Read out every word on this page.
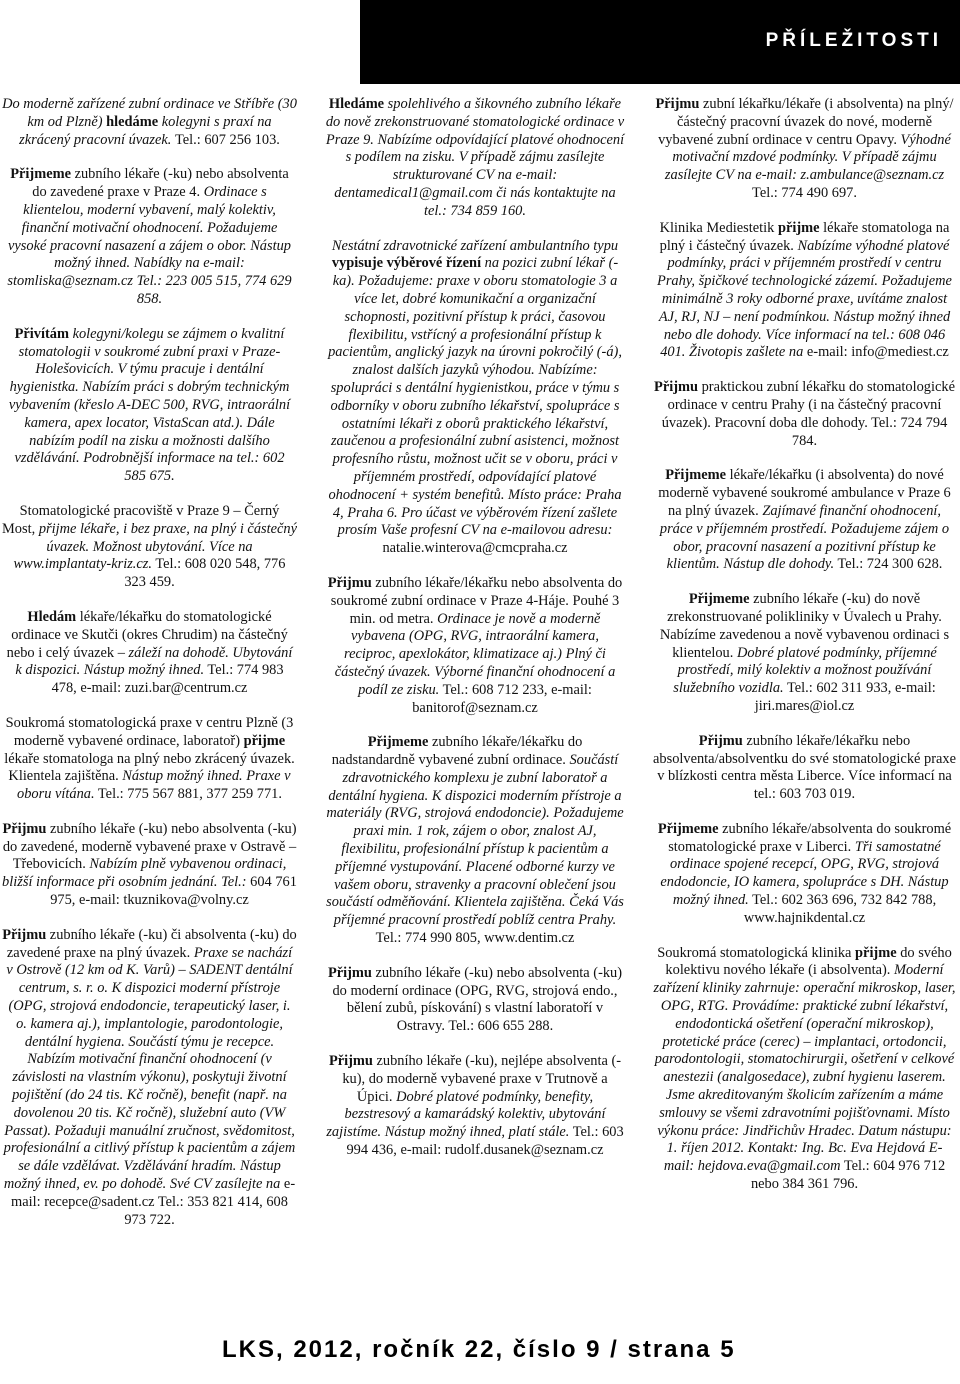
PŘÍLEŽITOSTI

Do moderně zařízené zubní ordinace ve Stříbře (30 km od Plzně) hledáme kolegyni s praxí na zkrácený pracovní úvazek. Tel.: 607 256 103.

Přijmeme zubního lékaře (-ku) nebo absolventa do zavedené praxe v Praze 4. Ordinace s klientelou, moderní vybavení, malý kolektiv, finanční motivační ohodnocení. Požadujeme vysoké pracovní nasazení a zájem o obor. Nástup možný ihned. Nabídky na e-mail: stomliska@seznam.cz Tel.: 223 005 515, 774 629 858.

Přivítám kolegyni/kolegu se zájmem o kvalitní stomatologii v soukromé zubní praxi v Praze-Holešovicích. V týmu pracuje i dentální hygienistka. Nabízím práci s dobrým technickým vybavením (křeslo A-DEC 500, RVG, intraorální kamera, apex locator, VistaScan atd.). Dále nabízím podíl na zisku a možnosti dalšího vzdělávání. Podrobnější informace na tel.: 602 585 675.

Stomatologické pracoviště v Praze 9 – Černý Most, přijme lékaře, i bez praxe, na plný i částečný úvazek. Možnost ubytování. Více na www.implantaty-kriz.cz. Tel.: 608 020 548, 776 323 459.

Hledám lékaře/lékařku do stomatologické ordinace ve Skutči (okres Chrudim) na částečný nebo i celý úvazek – záleží na dohodě. Ubytování k dispozici. Nástup možný ihned. Tel.: 774 983 478, e-mail: zuzi.bar@centrum.cz

Soukromá stomatologická praxe v centru Plzně (3 moderně vybavené ordinace, laboratoř) přijme lékaře stomatologa na plný nebo zkrácený úvazek. Klientela zajištěna. Nástup možný ihned. Praxe v oboru vítána. Tel.: 775 567 881, 377 259 771.

Přijmu zubního lékaře (-ku) nebo absolventa (-ku) do zavedené, moderně vybavené praxe v Ostravě – Třebovicích. Nabízím plně vybavenou ordinaci, bližší informace při osobním jednání. Tel.: 604 761 975, e-mail: tkuznikova@volny.cz

Přijmu zubního lékaře (-ku) či absolventa (-ku) do zavedené praxe na plný úvazek. Praxe se nachází v Ostrově (12 km od K. Varů) – SADENT dentální centrum, s. r. o. K dispozici moderní přístroje (OPG, strojová endodoncie, terapeutický laser, i. o. kamera aj.), implantologie, parodontologie, dentální hygiena. Součástí týmu je recepce. Nabízím motivační finanční ohodnocení (v závislosti na vlastním výkonu), poskytuji životní pojištění (do 24 tis. Kč ročně), benefit (např. na dovolenou 20 tis. Kč ročně), služební auto (VW Passat). Požaduji manuální zručnost, svědomitost, profesionální a citlivý přístup k pacientům a zájem se dále vzdělávat. Vzdělávání hradím. Nástup možný ihned, ev. po dohodě. Své CV zasílejte na e-mail: recepce@sadent.cz Tel.: 353 821 414, 608 973 722.

Hledáme spolehlivého a šikovného zubního lékaře do nově zrekonstruované stomatologické ordinace v Praze 9. Nabízíme odpovídající platové ohodnocení s podílem na zisku. V případě zájmu zasílejte strukturované CV na e-mail: dentamedical1@gmail.com či nás kontaktujte na tel.: 734 859 160.

Nestátní zdravotnické zařízení ambulantního typu vypisuje výběrové řízení na pozici zubní lékař (-ka). Požadujeme: praxe v oboru stomatologie 3 a více let, dobré komunikační a organizační schopnosti, pozitivní přístup k práci, časovou flexibilitu, vstřícný a profesionální přístup k pacientům, anglický jazyk na úrovni pokročilý (-á), znalost dalších jazyků výhodou. Nabízíme: spolupráci s dentální hygienistkou, práce v týmu s odborníky v oboru zubního lékařství, spolupráce s ostatními lékaři z oborů praktického lékařství, zaučenou a profesionální zubní asistenci, možnost profesního růstu, možnost učit se v oboru, práci v příjemném prostředí, odpovídající platové ohodnocení + systém benefitů. Místo práce: Praha 4, Praha 6. Pro účast ve výběrovém řízení zašlete prosím Vaše profesní CV na e-mailovou adresu: natalie.winterova@cmcpraha.cz

Přijmu zubního lékaře/lékařku nebo absolventa do soukromé zubní ordinace v Praze 4-Háje. Pouhé 3 min. od metra. Ordinace je nově a moderně vybavena (OPG, RVG, intraorální kamera, reciproc, apexlokátor, klimatizace aj.) Plný či částečný úvazek. Výborné finanční ohodnocení a podíl ze zisku. Tel.: 608 712 233, e-mail: banitorof@seznam.cz

Přijmeme zubního lékaře/lékařku do nadstandardně vybavené zubní ordinace. Součástí zdravotnického komplexu je zubní laboratoř a dentální hygiena. K dispozici moderním přístroje a materiály (RVG, strojová endodoncie). Požadujeme praxi min. 1 rok, zájem o obor, znalost AJ, flexibilitu, profesionální přístup k pacientům a příjemné vystupování. Placené odborné kurzy ve vašem oboru, stravenky a pracovní oblečení jsou součástí odměňování. Klientela zajištěna. Čeká Vás příjemné pracovní prostředí poblíž centra Prahy. Tel.: 774 990 805, www.dentim.cz

Přijmu zubního lékaře (-ku) nebo absolventa (-ku) do moderní ordinace (OPG, RVG, strojová endo., bělení zubů, pískování) s vlastní laboratoří v Ostravy. Tel.: 606 655 288.

Přijmu zubního lékaře (-ku), nejlépe absolventa (-ku), do moderně vybavené praxe v Trutnově a Úpici. Dobré platové podmínky, benefity, bezstresový a kamarádský kolektiv, ubytování zajistíme. Nástup možný ihned, platí stále. Tel.: 603 994 436, e-mail: rudolf.dusanek@seznam.cz

Přijmu zubní lékařku/lékaře (i absolventa) na plný/částečný pracovní úvazek do nové, moderně vybavené zubní ordinace v centru Opavy. Výhodné motivační mzdové podmínky. V případě zájmu zasílejte CV na e-mail: z.ambulance@seznam.cz Tel.: 774 490 697.

Klinika Mediestetik přijme lékaře stomatologa na plný i částečný úvazek. Nabízíme výhodné platové podmínky, práci v příjemném prostředí v centru Prahy, špičkové technologické zázemí. Požadujeme minimálně 3 roky odborné praxe, uvítáme znalost AJ, RJ, NJ – není podmínkou. Nástup možný ihned nebo dle dohody. Více informací na tel.: 608 046 401. Životopis zašlete na e-mail: info@mediest.cz

Přijmu praktickou zubní lékařku do stomatologické ordinace v centru Prahy (i na částečný pracovní úvazek). Pracovní doba dle dohody. Tel.: 724 794 784.

Přijmeme lékaře/lékařku (i absolventa) do nové moderně vybavené soukromé ambulance v Praze 6 na plný úvazek. Zajímavé finanční ohodnocení, práce v příjemném prostředí. Požadujeme zájem o obor, pracovní nasazení a pozitivní přístup ke klientům. Nástup dle dohody. Tel.: 724 300 628.

Přijmeme zubního lékaře (-ku) do nově zrekonstruované polikliniky v Úvalech u Prahy. Nabízíme zavedenou a nově vybavenou ordinaci s klientelou. Dobré platové podmínky, příjemné prostředí, milý kolektiv a možnost používání služebního vozidla. Tel.: 602 311 933, e-mail: jiri.mares@iol.cz

Přijmu zubního lékaře/lékařku nebo absolventa/absolventku do své stomatologické praxe v blízkosti centra města Liberce. Více informací na tel.: 603 703 019.

Přijmeme zubního lékaře/absolventa do soukromé stomatologické praxe v Liberci. Tři samostatné ordinace spojené recepcí, OPG, RVG, strojová endodoncie, IO kamera, spolupráce s DH. Nástup možný ihned. Tel.: 602 363 696, 732 842 788, www.hajnikdental.cz

Soukromá stomatologická klinika přijme do svého kolektivu nového lékaře (i absolventa). Moderní zařízení kliniky zahrnuje: operační mikroskop, laser, OPG, RTG. Provádíme: praktické zubní lékařství, endodontická ošetření (operační mikroskop), protetické práce (cerec) – implantaci, ortodoncii, parodontologii, stomatochirurgii, ošetření v celkové anestezii (analgosedace), zubní hygienu laserem. Jsme akreditovaným školicím zařízením a máme smlouvy se všemi zdravotními pojišťovnami. Místo výkonu práce: Jindřichův Hradec. Datum nástupu: 1. říjen 2012. Kontakt: Ing. Bc. Eva Hejdová E-mail: hejdova.eva@gmail.com Tel.: 604 976 712 nebo 384 361 796.

LKS, 2012, ročník 22, číslo 9 / strana 5
